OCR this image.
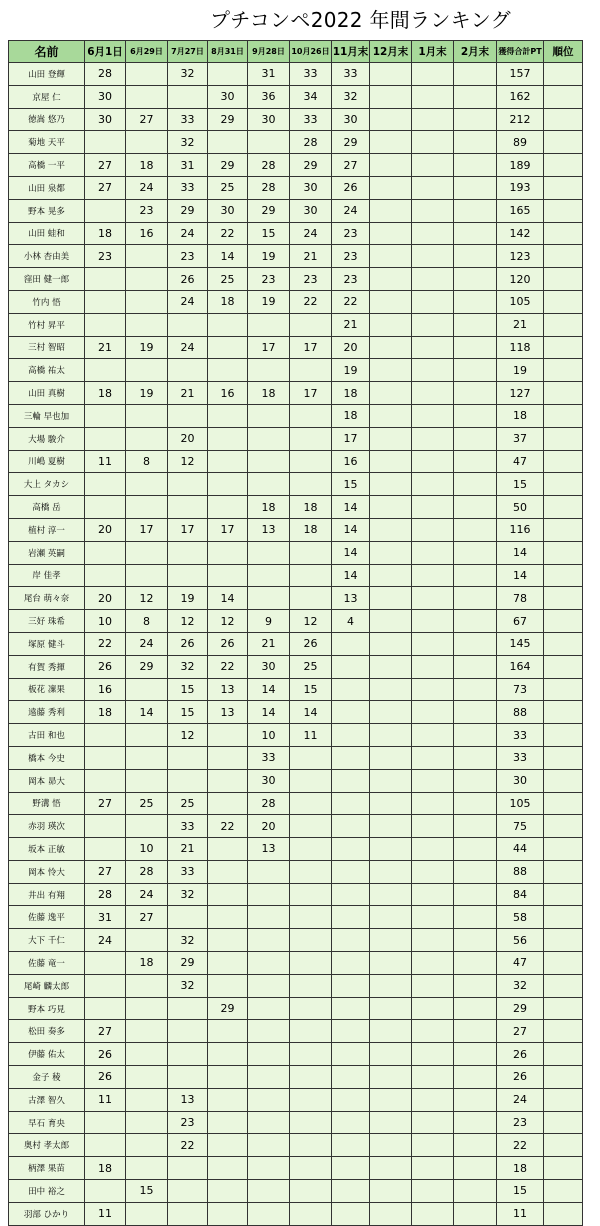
プチコンペ2022 年間ランキング
名前	6月1日	6月29日	7月27日	8月31日	9月28日	10月26日	11月末	12月末	1月末	2月末	獲得合計PT	順位
山田 登輝	28		32		31	33	33				157	
京屋 仁	30			30	36	34	32				162	
徳嵩 悠乃	30	27	33	29	30	33	30				212	
菊地 天平			32			28	29				89	
高橋 一平	27	18	31	29	28	29	27				189	
山田 泉都	27	24	33	25	28	30	26				193	
野本 晃多		23	29	30	29	30	24				165	
山田 蛙和	18	16	24	22	15	24	23				142	
小林 杏由美	23		23	14	19	21	23				123	
窪田 健一郎			26	25	23	23	23				120	
竹内 悟			24	18	19	22	22				105	
竹村 昇平							21				21	
三村 智昭	21	19	24		17	17	20				118	
高橋 祐太							19				19	
山田 真樹	18	19	21	16	18	17	18				127	
三輪 早也加							18				18	
大場 駿介			20				17				37	
川嶋 夏樹	11	8	12				16				47	
大上 タカシ							15				15	
高橋 岳					18	18	14				50	
植村 淳一	20	17	17	17	13	18	14				116	
岩瀬 英嗣							14				14	
岸 佳孝							14				14	
尾台 萌々奈	20	12	19	14			13				78	
三好 珠希	10	8	12	12	9	12	4				67	
塚原 健斗	22	24	26	26	21	26					145	
有賀 秀揮	26	29	32	22	30	25					164	
板花 凜果	16		15	13	14	15					73	
遠藤 秀利	18	14	15	13	14	14					88	
古田 和也			12		10	11					33	
橋本 今史					33						33	
岡本 昴大					30						30	
野溝 悟	27	25	25		28						105	
赤羽 瑛次			33	22	20						75	
坂本 正敏		10	21		13						44	
岡本 怜大	27	28	33								88	
井出 有翔	28	24	32								84	
佐藤 逸平	31	27									58	
大下 千仁	24		32								56	
佐藤 竜一		18	29								47	
尾崎 麟太郎			32								32	
野本 巧見				29							29	
松田 奏多	27										27	
伊藤 佑太	26										26	
金子 稜	26										26	
古澤 智久	11		13								24	
早石 育央			23								23	
奥村 孝太郎			22								22	
柄澤 果苗	18										18	
田中 裕之		15									15	
羽部 ひかり	11										11	
